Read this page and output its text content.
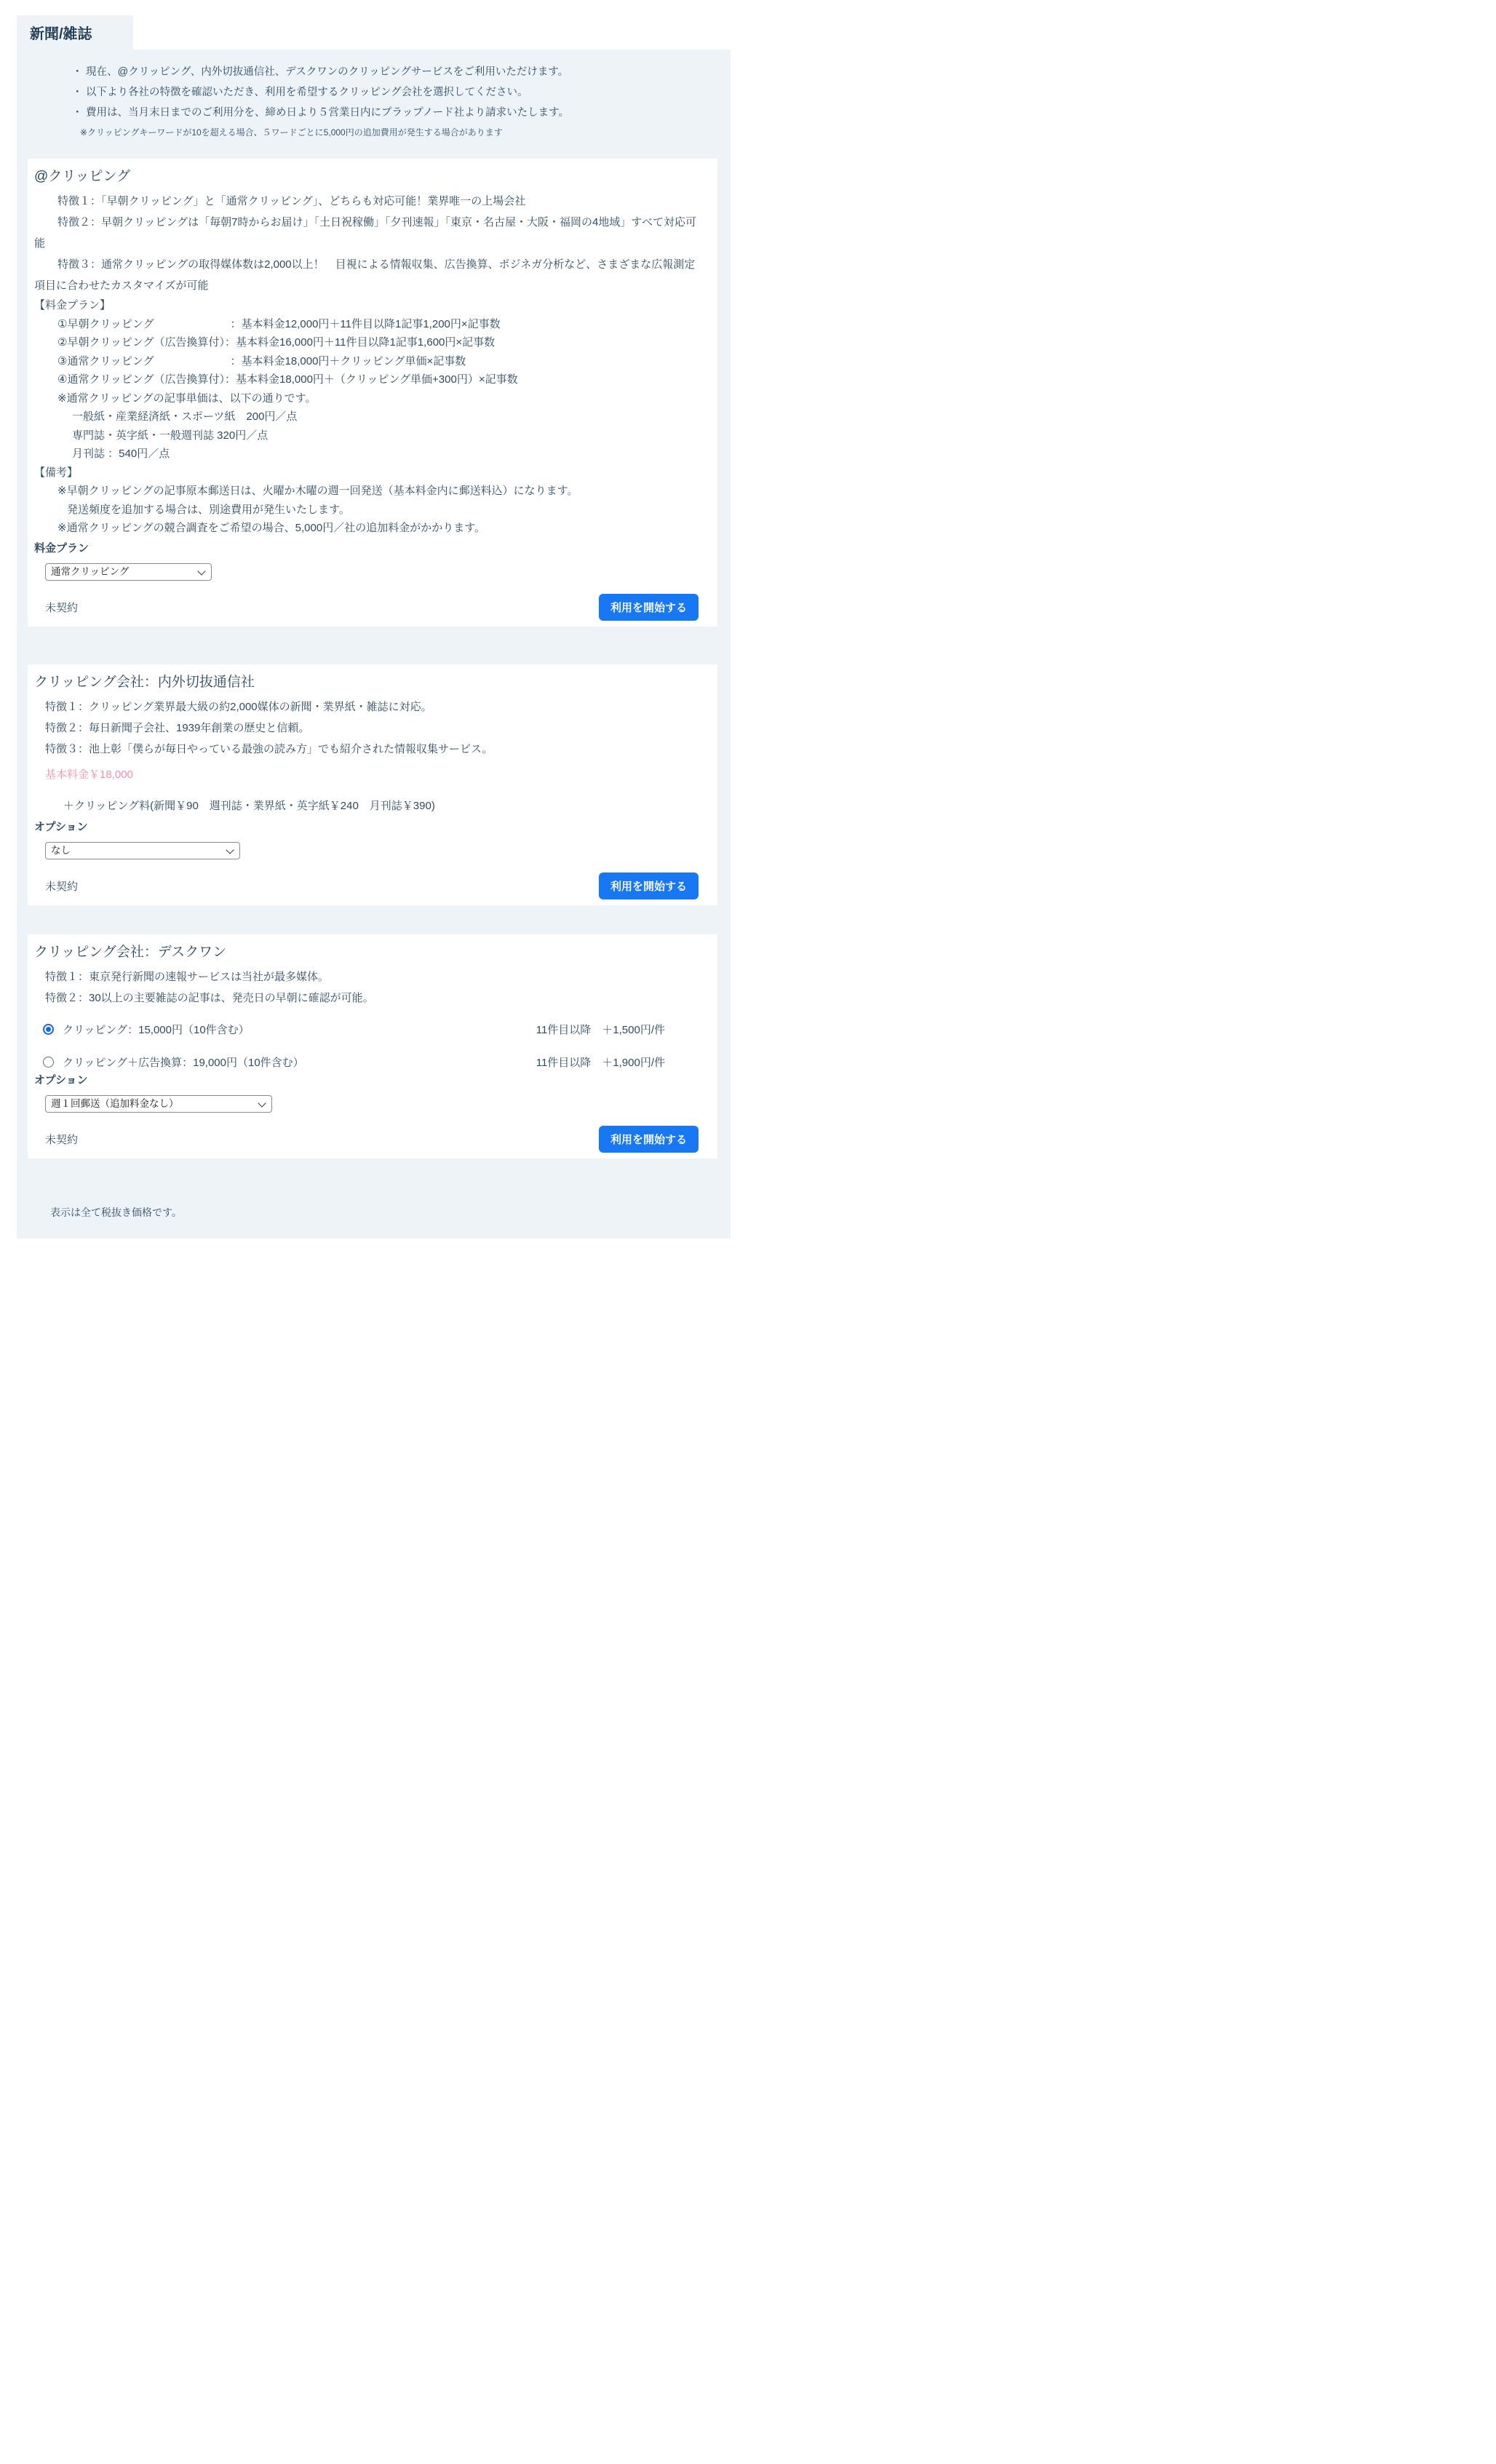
新聞/雑誌

・ 現在、@クリッピング、内外切抜通信社、デスクワンのクリッピングサービスをご利用いただけます。

・ 以下より各社の特徴を確認いただき、利用を希望するクリッピング会社を選択してください。

・ 費用は、当月末日までのご利用分を、締め日より５営業日内にプラップノード社より請求いたします。

※クリッピングキーワードが10を超える場合、５ワードごとに5,000円の追加費用が発生する場合があります

@クリッピング

特徴１：「早朝クリッピング」と「通常クリッピング」、どちらも対応可能！業界唯一の上場会社

特徴２：早朝クリッピングは「毎朝7時からお届け」「土日祝稼働」「夕刊速報」「東京・名古屋・大阪・福岡の4地域」すべて対応可能

特徴３：通常クリッピングの取得媒体数は2,000以上！　目視による情報収集、広告換算、ポジネガ分析など、さまざまな広報測定項目に合わせたカスタマイズが可能

【料金プラン】

①早朝クリッピング　　　　　　　：基本料金12,000円＋11件目以降1記事1,200円×記事数

②早朝クリッピング（広告換算付）：基本料金16,000円＋11件目以降1記事1,600円×記事数

③通常クリッピング　　　　　　　：基本料金18,000円＋クリッピング単価×記事数

④通常クリッピング（広告換算付）：基本料金18,000円＋（クリッピング単価+300円）×記事数

※通常クリッピングの記事単価は、以下の通りです。

一般紙・産業経済紙・スポーツ紙　200円／点

専門誌・英字紙・一般週刊誌 320円／点

月刊誌 ：540円／点

【備考】

※早朝クリッピングの記事原本郵送日は、火曜か木曜の週一回発送（基本料金内に郵送料込）になります。

発送頻度を追加する場合は、別途費用が発生いたします。

※通常クリッピングの競合調査をご希望の場合、5,000円／社の追加料金がかかります。

料金プラン

通常クリッピング
未契約	利用を開始する
クリッピング会社：内外切抜通信社

特徴１：クリッピング業界最大級の約2,000媒体の新聞・業界紙・雑誌に対応。

特徴２：毎日新聞子会社、1939年創業の歴史と信頼。

特徴３：池上彰「僕らが毎日やっている最強の読み方」でも紹介された情報収集サービス。

基本料金￥18,000

＋クリッピング料(新聞￥90　週刊誌・業界紙・英字紙￥240　月刊誌￥390)

オプション

なし
未契約	利用を開始する
クリッピング会社：デスクワン

特徴１：東京発行新聞の速報サービスは当社が最多媒体。

特徴２：30以上の主要雑誌の記事は、発売日の早朝に確認が可能。

クリッピング：15,000円（10件含む）	11件目以降　＋1,500円/件
クリッピング＋広告換算：19,000円（10件含む）	11件目以降　＋1,900円/件

オプション

週１回郵送（追加料金なし）
未契約	利用を開始する

表示は全て税抜き価格です。
